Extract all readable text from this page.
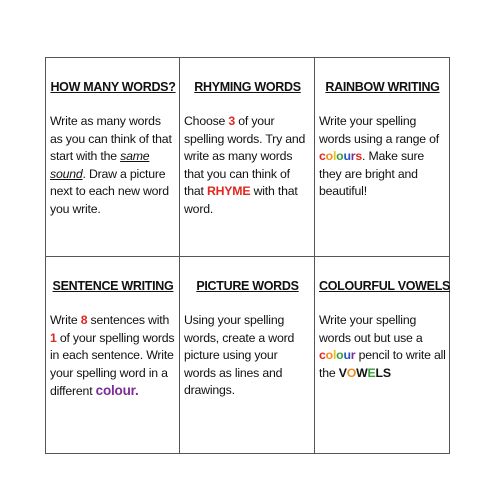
HOW MANY WORDS?
Write as many words as you can think of that start with the same sound. Draw a picture next to each new word you write.
RHYMING WORDS
Choose 3 of your spelling words. Try and write as many words that you can think of that RHYME with that word.
RAINBOW WRITING
Write your spelling words using a range of colours. Make sure they are bright and beautiful!
SENTENCE WRITING
Write 8 sentences with 1 of your spelling words in each sentence. Write your spelling word in a different colour.
PICTURE WORDS
Using your spelling words, create a word picture using your words as lines and drawings.
COLOURFUL VOWELS
Write your spelling words out but use a colour pencil to write all the VOWELS
